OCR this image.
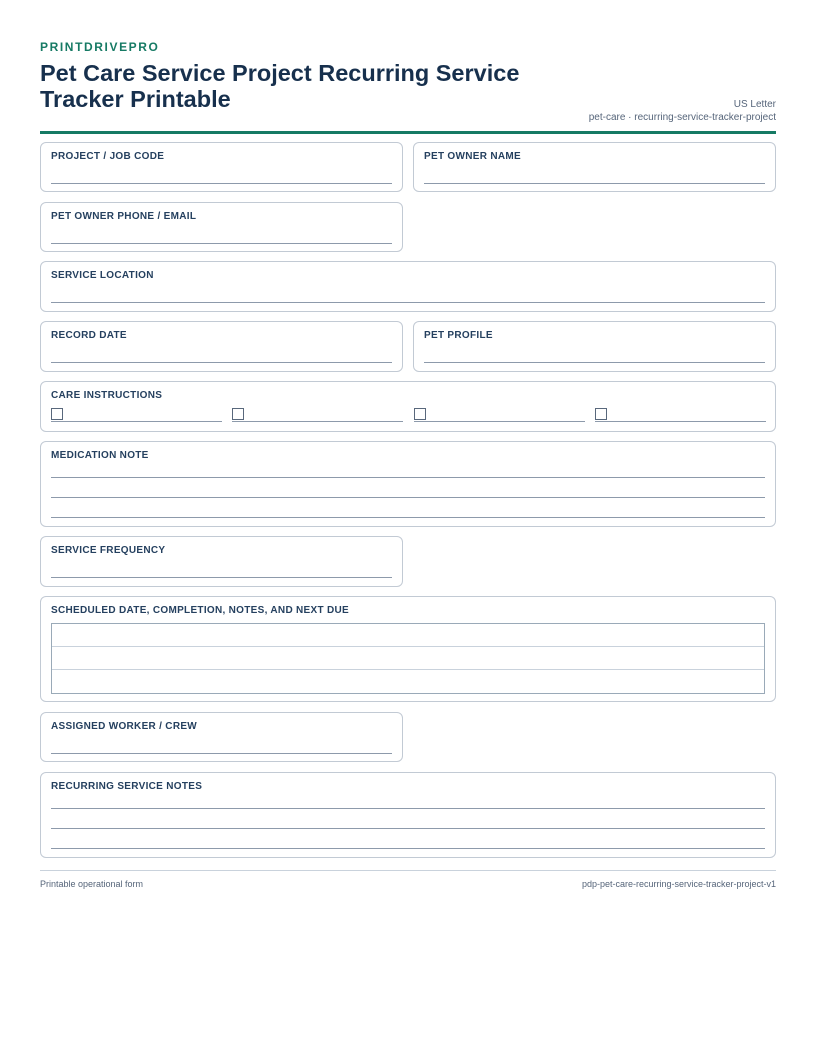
PRINTDRIVEPRO
Pet Care Service Project Recurring Service Tracker Printable	US Letter
pet-care · recurring-service-tracker-project
PROJECT / JOB CODE	PET OWNER NAME
PET OWNER PHONE / EMAIL
SERVICE LOCATION
RECORD DATE	PET PROFILE
CARE INSTRUCTIONS
MEDICATION NOTE
SERVICE FREQUENCY
SCHEDULED DATE, COMPLETION, NOTES, AND NEXT DUE
ASSIGNED WORKER / CREW
RECURRING SERVICE NOTES
Printable operational form	pdp-pet-care-recurring-service-tracker-project-v1
